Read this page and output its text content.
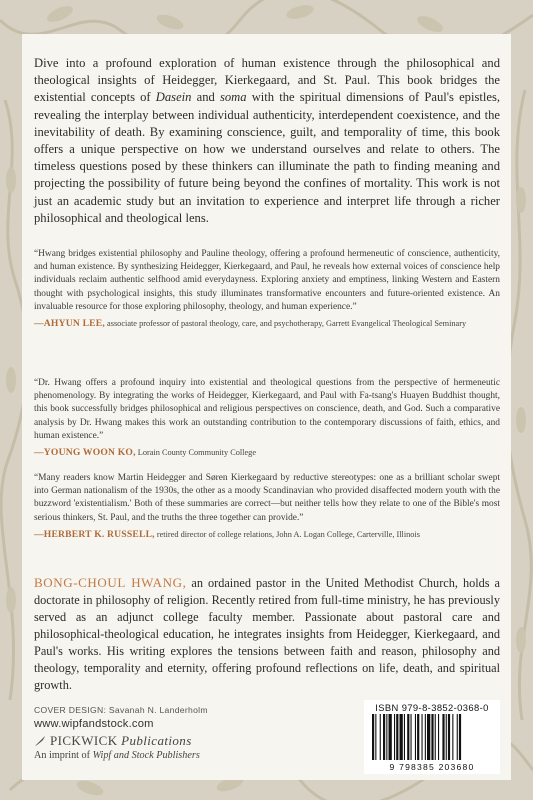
Dive into a profound exploration of human existence through the philosophical and theological insights of Heidegger, Kierkegaard, and St. Paul. This book bridges the existential concepts of Dasein and soma with the spiritual dimensions of Paul's epistles, revealing the interplay between individual authenticity, interdependent coexistence, and the inevitability of death. By examining conscience, guilt, and temporality of time, this book offers a unique perspective on how we understand ourselves and relate to others. The timeless questions posed by these thinkers can illuminate the path to finding meaning and projecting the possibility of future being beyond the confines of mortality. This work is not just an academic study but an invitation to experience and interpret life through a richer philosophical and theological lens.
“Hwang bridges existential philosophy and Pauline theology, offering a profound hermeneutic of conscience, authenticity, and human existence. By synthesizing Heidegger, Kierkegaard, and Paul, he reveals how external voices of conscience help individuals reclaim authentic selfhood amid everydayness. Exploring anxiety and emptiness, linking Western and Eastern thought with psychological insights, this study illuminates transformative encounters and future-oriented existence. An invaluable resource for those exploring philosophy, theology, and human experience.”
—AHYUN LEE, associate professor of pastoral theology, care, and psychotherapy, Garrett Evangelical Theological Seminary
“Dr. Hwang offers a profound inquiry into existential and theological questions from the perspective of hermeneutic phenomenology. By integrating the works of Heidegger, Kierkegaard, and Paul with Fa-tsang's Huayen Buddhist thought, this book successfully bridges philosophical and religious perspectives on conscience, death, and God. Such a comparative analysis by Dr. Hwang makes this work an outstanding contribution to the contemporary discussions of faith, ethics, and human existence.”
—YOUNG WOON KO, Lorain County Community College
“Many readers know Martin Heidegger and Søren Kierkegaard by reductive stereotypes: one as a brilliant scholar swept into German nationalism of the 1930s, the other as a moody Scandinavian who provided disaffected modern youth with the buzzword 'existentialism.' Both of these summaries are correct—but neither tells how they relate to one of the Bible's most serious thinkers, St. Paul, and the truths the three together can provide.”
—HERBERT K. RUSSELL, retired director of college relations, John A. Logan College, Carterville, Illinois
BONG-CHOUL HWANG, an ordained pastor in the United Methodist Church, holds a doctorate in philosophy of religion. Recently retired from full-time ministry, he has previously served as an adjunct college faculty member. Passionate about pastoral care and philosophical-theological education, he integrates insights from Heidegger, Kierkegaard, and Paul's works. His writing explores the tensions between faith and reason, philosophy and theology, temporality and eternity, offering profound reflections on life, death, and spiritual growth.
COVER DESIGN: Savanah N. Landerholm
www.wipfandstock.com
PICKWICK Publications
An imprint of Wipf and Stock Publishers
ISBN 979-8-3852-0368-0
9 798385 203680
